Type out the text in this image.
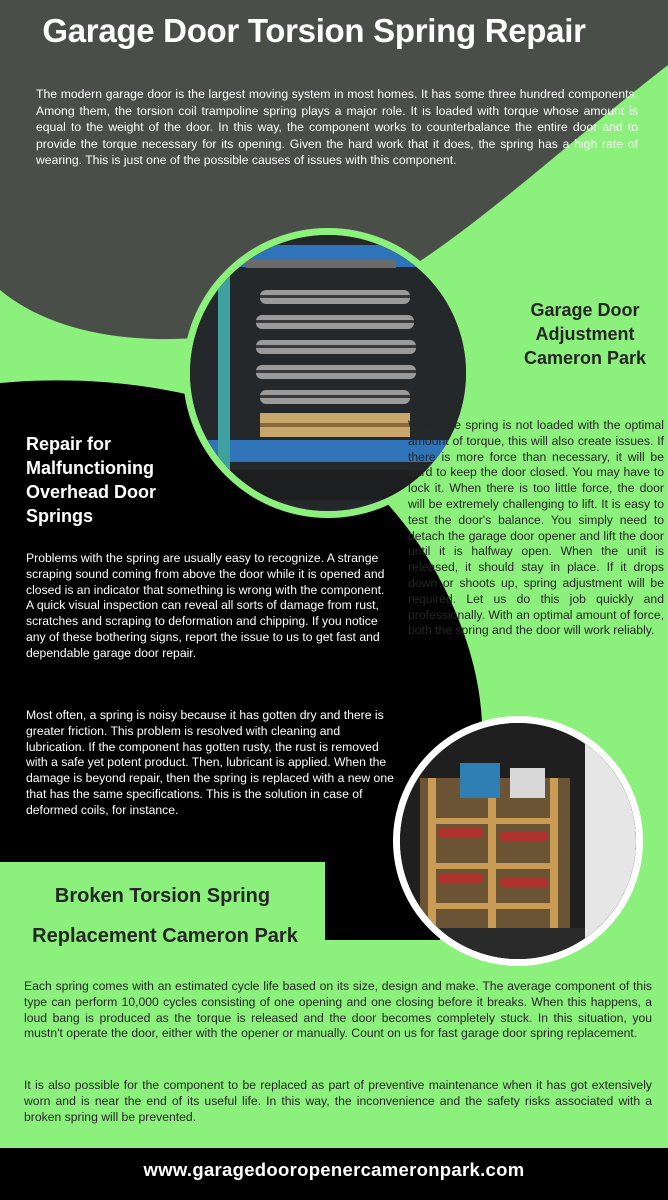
Garage Door Torsion Spring Repair
The modern garage door is the largest moving system in most homes. It has some three hundred components. Among them, the torsion coil trampoline spring plays a major role. It is loaded with torque whose amount is equal to the weight of the door. In this way, the component works to counterbalance the entire door and to provide the torque necessary for its opening. Given the hard work that it does, the spring has a high rate of wearing. This is just one of the possible causes of issues with this component.
Garage Door Adjustment Cameron Park
When the spring is not loaded with the optimal amount of torque, this will also create issues. If there is more force than necessary, it will be hard to keep the door closed. You may have to lock it. When there is too little force, the door will be extremely challenging to lift. It is easy to test the door's balance. You simply need to detach the garage door opener and lift the door until it is halfway open. When the unit is released, it should stay in place. If it drops down or shoots up, spring adjustment will be required. Let us do this job quickly and professionally. With an optimal amount of force, both the spring and the door will work reliably.
Repair for Malfunctioning Overhead Door Springs
Problems with the spring are usually easy to recognize. A strange scraping sound coming from above the door while it is opened and closed is an indicator that something is wrong with the component. A quick visual inspection can reveal all sorts of damage from rust, scratches and scraping to deformation and chipping. If you notice any of these bothering signs, report the issue to us to get fast and dependable garage door repair.
Most often, a spring is noisy because it has gotten dry and there is greater friction. This problem is resolved with cleaning and lubrication. If the component has gotten rusty, the rust is removed with a safe yet potent product. Then, lubricant is applied. When the damage is beyond repair, then the spring is replaced with a new one that has the same specifications. This is the solution in case of deformed coils, for instance.
Broken Torsion Spring
Replacement Cameron Park
Each spring comes with an estimated cycle life based on its size, design and make. The average component of this type can perform 10,000 cycles consisting of one opening and one closing before it breaks. When this happens, a loud bang is produced as the torque is released and the door becomes completely stuck. In this situation, you mustn't operate the door, either with the opener or manually. Count on us for fast garage door spring replacement.
It is also possible for the component to be replaced as part of preventive maintenance when it has got extensively worn and is near the end of its useful life. In this way, the inconvenience and the safety risks associated with a broken spring will be prevented.
www.garagedooropenercameronpark.com
